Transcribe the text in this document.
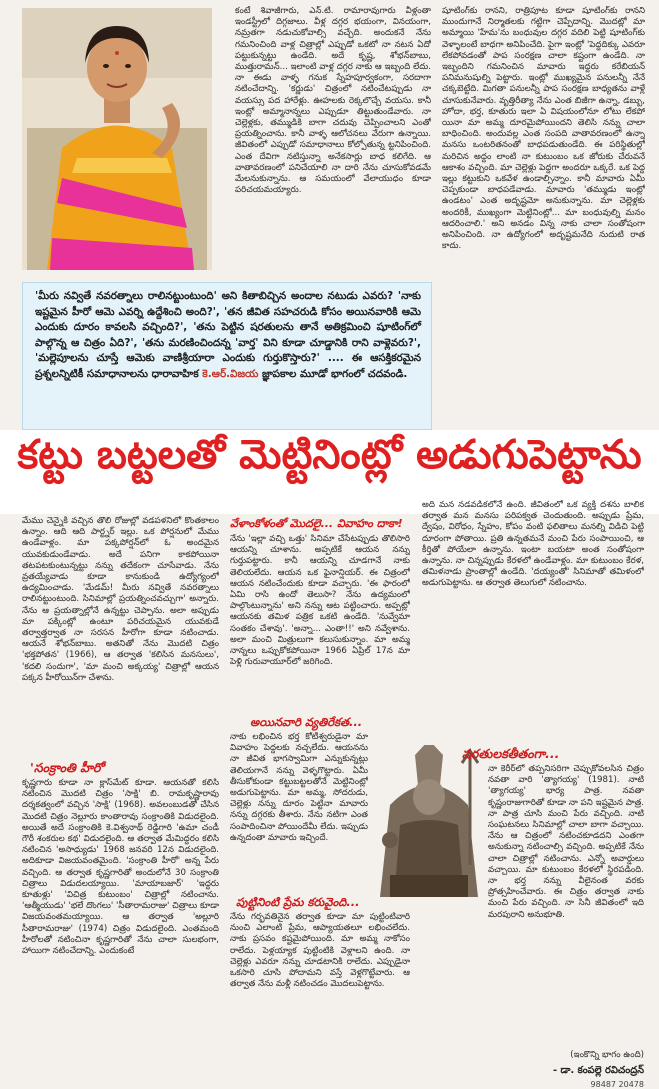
కంటే శివాజీగారు, ఎన్.టి. రామారావుగారు వీళ్లంతా ఇండస్ట్రీలో దిగ్గజాలు. వీళ్ల దగ్గర భయంగా, వినయంగా, నమ్రతగా నడుచుకోవాల్సి వచ్చేది. అందుకనే నేను గమనించింది వాళ్ల చిత్రాల్లో ఎప్పుడో ఒకటో నా నటన ఏదో పట్టుకున్నట్టు ఉండేది. అదే కృష్ణ, శోభన్‌బాబు, ముత్తురామన్... ఇలాంటి వాళ్ల దగ్గర నాకు ఆ ఇబ్బంది లేదు. నా ఈడు వాళ్ళ గనుక స్నేహపూర్వకంగా, సరదాగా నటించేదాన్ని. 'కర్ణుడు' చిత్రంలో నటించేటప్పుడు నా వయస్సు పద హారేళ్లు. ఊహలకు రెక్కలొచ్చే వయసు. కానీ ఇంట్లో అమ్మానాన్నలు ఎప్పుడూ తిట్టుతుండేవారు. నా చెల్లెళ్లకు, తమ్ముడికి బాగా చదువు చెప్పించాలని ఎంతో ప్రయత్నించాను. కానీ వాళ్ళ ఆలోచనలు వేరుగా ఉన్నాయి. జీవితంలో ఎప్పుడో సమాధానాలు కోల్పోతున్న ట్టనిపించింది. ఎంత దేవిగా నటిస్తున్నా అనేకసార్లు బాధ కలిగేది. ఆ వాతావరణంలో పనిచేయాలి నా దారి నేను చూసుకోవడమే మేలనుకున్నాను. ఆ సమయంలో వేలాయుధం కూడా పరిచయమయ్యారు.
షూటింగ్‌కు రానని, రాత్రిపూట కూడా షూటింగ్‌కు రానని ముందుగానే నిర్మాతలకు గట్టిగా చెప్పేదాన్ని. మొదట్లో మా అమ్మాయి 'హేమ'ను బంధువుల దగ్గర వదిలి పెట్టి షూటింగ్‌కు వెళ్ళాలంటే బాధగా అనిపించేది. పైగా ఇంట్లో 'పెద్దదిక్కు ఎవరూ లేకపోవడంతో పాప సంరక్షణ చాలా కష్టంగా ఉండేది. నా ఇబ్బందిని గమనించిన మావారు ఇద్దరు కరేబియన్ పనిమనుషుల్ని పెట్టారు. ఇంట్లో ముఖ్యమైన పనులన్నీ నేనే చక్కబెట్టేది. మిగతా పనులన్నీ పాప సంరక్షణ బాధ్యతను వాళ్లే చూసుకునేవారు. వృత్తిరీత్యా నేను ఎంత బిజీగా ఉన్నా, డబ్బు, హోదా, భర్త, కూతురు ఇలా ఏ విషయంలోనూ లోటు లేకపో యినా మా అమ్మ దూరమైపోయిందని తెలిసి నన్ను చాలా బాధించింది. అందువల్ల ఎంత సంపది వాతావరణంలో ఉన్నా మనసు ఒంటరితనంతో బాధపడుతుండేది. ఈ పరిస్థితుల్లో మరిచిన అద్దం లాంటి నా కుటుంబం ఒక జోరుకు చేరువనే ఆకాశం వచ్చింది. మా చెల్లెళ్లు పెద్దగా అందరూ ఒక్కరే. ఒక పెద్ద ఇల్లు కట్టుకుని ఒకవేళ ఉండాల్సిన్నాం. కానీ మావారు ఏమీ చెప్పకుండా బాధపడేవాడు. మావారు 'తమ్ముడు ఇంట్లో ఉండటం' ఎంత అదృష్టమో అనుకున్నాను. మా చెల్లెళ్లకు అందరికీ, ముఖ్యంగా మెట్టినింట్లో... మా బంధువుల్ని మనం ఆదరించాలి.' అని అనడం విన్న నాకు చాలా సంతోషంగా అనిపించింది. నా ఉద్యోగంలో అదృష్టమనేది నుదుటి రాత కాదు.

'మీరు నవ్వితే నవరత్నాలు రాలినట్టుంటుంది' అని కితాబిచ్చిన అందాల నటుడు ఎవరు? 'నాకు ఇష్టమైన హీరో ఆమె ఎవర్ని ఉద్దేశించి అంది?', 'తన జీవిత సహచరుడి కోసం అయినవారికి ఆమె ఎందుకు దూరం కావలసి వచ్చింది?', 'తను పెట్టిన షరతులను తానే అతిక్రమించి షూటింగ్‌లో పాల్గొన్న ఆ చిత్రం ఏది?', 'తను మరణించిందన్న 'వార్త' విని కూడా చూడ్డానికి రాని వాళ్లెవరు?', 'మల్లెపూలను చూస్తే ఆమెకు వాణిశ్రీయారా ఎందుకు గుర్తుకొస్తారు?' .... ఈ ఆసక్తికరమైన ప్రశ్నలన్నిటికీ సమాధానాలను ధారావాహిక కె.ఆర్.విజయ జ్ఞాపకాల మూడో భాగంలో చదవండి.

కట్టు బట్టలతో మెట్టినింట్లో అడుగుపెట్టాను
మేము చెన్నైకి వచ్చిన తొలి రోజుల్లో వడపళనిలో కొంతకాలం ఉన్నాం. ఆది ఆది పార్ట్నర్ ఇల్లు. ఒక పోర్షనులో మేము ఉండేవాళ్లం. మా పక్కపోర్షన్‌లో ఓ అందమైన యువకుడుండేవాడు. అదే పనిగా కాకపోయినా తటపటకుంటున్నట్టు నన్ను తదేకంగా చూసేవాడు. నేను వ్రతయ్యేవాడు కూడా కానుకుండి ఉద్యోగ్యంలో ఉద్యమించాడు. 'మేడమ్! మీరు నవ్వితే నవరత్నాలు రాలినట్టుంటుంది. సినిమాల్లో ప్రయత్నించవచ్చుగా' అన్నారు. నేను ఆ ప్రయత్నాల్లోనే ఉన్నట్టు చెప్పాను. అలా అప్పుడు మా పక్కింట్లో ఉంటూ పరిచయమైన యువకుడే తర్వాత్తర్వాత నా సరసన హీరోగా కూడా నటించాడు. ఆయనే శోభన్‌బాబు. అతనితో నేను మొదటి చిత్రం 'భక్తపోతన' (1966), ఆ తర్వాత 'కలిసిన మనసులు', 'కదలి సందుగా', 'మా మంచి అక్కయ్య' చిత్రాల్లో ఆయన పక్కన హీరోయిన్‌గా చేశాను.
'సంక్రాంతి హీరో'
కృష్ణగారు కూడా నా క్లాస్‌మేట్ కూడా. ఆయనతో కలిసి నటించిన మొదటి చిత్రం 'సాక్షి' బి. రామకృష్ణారావు దర్శకత్వంలో వచ్చిన 'సాక్షి' (1968). అవలంబుడతో చేసిన మొదటి చిత్రం నెల్లూరు కాంతారావు సంక్రాంతికి విడుదలైంది. అయితే అదే సంక్రాంతికి కె.విశ్వనాథ్ రెడ్డిగారి 'ఉమా చండీ గౌరీ శంకరుల కథ' విడుదలైంది. ఆ తర్వాత మేమిద్దరం కలిసి నటించిన 'అసాధ్యుడు' 1968 జనవరి 12న విడుదలైంది. అదికూడా విజయవంతమైంది. 'సంక్రాంతి హీరో' అన్న పేరు వచ్చింది. ఆ తర్వాత కృష్ణగారితో అందులోనే 30 సంక్రాంతి చిత్రాలు విడుదలయ్యాయి. 'మాయాబజార్' 'ఇద్దరు కూతుళ్లు' 'విచిత్ర కుటుంబం' చిత్రాల్లో నటించాను. 'ఆత్మీయుడు' 'భలే దొంగలు' 'సీతారామరాజు' చిత్రాలు కూడా విజయవంతమయ్యాయి. ఆ తర్వాత 'అల్లూరి సీతారామరాజు' (1974) చిత్రం విడుదలైంది. ఎంతమంది హీరోలతో నటించినా కృష్ణగారితో నేను చాలా సులభంగా, హాయిగా నటించేదాన్ని. ఎందుకంటే
వేళాంకోళంతో మొదలై... వివాహం దాకా!
నేను 'ఇల్లా వచ్చి ఒత్తు' సినిమా చేసేటప్పుడు తొలిసారి ఆయన్ని చూశాను. అప్పటికే ఆయన నన్ను గుర్తుపట్టారు. కానీ ఆయన్ని చూడగానే నాకు తెలియలేదు. ఆయన ఒక ఫైనాన్షియర్. ఈ చిత్రంలో ఆయన నటించేందుకు కూడా వచ్చారు. 'ఈ ఫారంలో ఏమి రాసి ఉందో తెలుసా? నేను ఉద్యమంలో పాల్గొంటున్నాను' అని నన్ను ఆట పట్టించారు. అప్పట్లో ఆయనకు తమిళ పత్రిక ఒకటి ఉండేది. 'నువ్వేమా సంతకం చేశావు'. 'అన్నా... ఎంతా!!' అని నవ్వేశాను. అలా మంచి మిత్రులుగా కలుసుకున్నాం. మా అమ్మ నాన్నలు ఒప్పుకోకపోయినా 1966 ఏప్రిల్ 17న మా పెళ్లి గురువాయూర్‌లో జరిగింది.
అయినవారి వ్యతిరేకత...
నాకు లభించిన భర్త కోటీశ్వరుడైనా మా వివాహం పెద్దలకు నచ్చలేదు. ఆయనను నా జీవిత భాగస్వామిగా ఎన్నుకున్నట్లు తెలియగానే నన్ను వెళ్ళగొట్టారు. ఏమీ తీసుకోకుండా కట్టుబట్టలతోనే మెట్టినింట్లో అడుగుపెట్టాను. మా అమ్మ, సోదరుడు, చెల్లెళ్లు నన్ను దూరం పెట్టినా మావారు నన్ను దగ్గరకు తీశారు. నేను నటిగా ఎంత సంపాదించినా పోయిందేమీ లేదు. ఇప్పుడు ఉన్నదంతా మావారు ఇచ్చిందే.
పుట్టినింటి ప్రేమ కరువైంది...
నేను గర్భవతినైన తర్వాత కూడా మా పుట్టింటివారి నుంచి ఎలాంటి ప్రేమ, ఆప్యాయతలూ లభించలేదు. నాకు ప్రసవం కష్టమైపోయింది. మా అమ్మ నాకోసం రాలేదు. పెళ్లయ్యాక పుట్టింటికి వెళ్లాలని ఉంది. నా చెల్లెళ్లు ఎవరూ నన్ను చూడటానికి రాలేదు. ఎప్పుడైనా ఒకసారి చూసి పోదామని వస్తే వెళ్లగొట్టేవారు. ఆ తర్వాత నేను మళ్లీ నటించడం మొదలుపెట్టాను.
అది మన నడవడికలోనే ఉంది. జీవితంలో ఒక వ్యక్తి దశను బాలిక తర్వాత మన మనసు పరిపక్వత చెందుతుంది. అప్పుడు ప్రేమ, ద్వేషం, విరోధం, స్నేహం, కోపం వంటి ఫలితాలు మనల్ని విడిచి పెట్టి దూరంగా పోతాయి. ప్రతి ఉన్నతమనే మంచి పేరు సంపాయించి, ఆ కీర్తితో పోయేలా ఉన్నాను. ఇంటా బయటా అంత సంతోషంగా ఉన్నాను. నా చిన్నప్పుడు కేరళలో ఉండేవాళ్లం. మా కుటుంబం కేరళ, తమిళనాడు ప్రాంతాల్లో ఉండేది. 'దయ్యంతో' సినిమాతో తమిళంలో అడుగుపెట్టాను. ఆ తర్వాత తెలుగులో నటించాను.
షరతులకతీతంగా...
నా కెరీర్‌లో తప్పనిసరిగా చెప్పుకోవలసిన చిత్రం నవతా వారి 'త్యాగయ్య' (1981). నాటి 'త్యాగయ్య' భార్య పాత్ర. నవతా కృష్ణంరాజుగారితో కూడా నా పని ఇష్టమైన పాత్ర. నా పాత్ర చూసి మంచి పేరు వచ్చింది. నాటి సంఘటనలు సినిమాల్లో చాలా బాగా వచ్చాయి. నేను ఆ చిత్రంలో నటించకూడదని ఎంతగా అనుకున్నా నటించాల్సి వచ్చింది. అప్పటికే నేను చాలా చిత్రాల్లో నటించాను. ఎన్నో అవార్డులు వచ్చాయి. మా కుటుంబం కేరళలో స్థిరపడింది. నా భర్త నన్ను వీలైనంత వరకు ప్రోత్సహించేవారు. ఈ చిత్రం తర్వాత నాకు మంచి పేరు వచ్చింది. నా సినీ జీవితంలో ఇది మరపురాని అనుభూతి.
(ఇంకొన్ని భాగం ఉంది)
- డా. కంపల్లె రవిచంద్రన్
98487 20478
